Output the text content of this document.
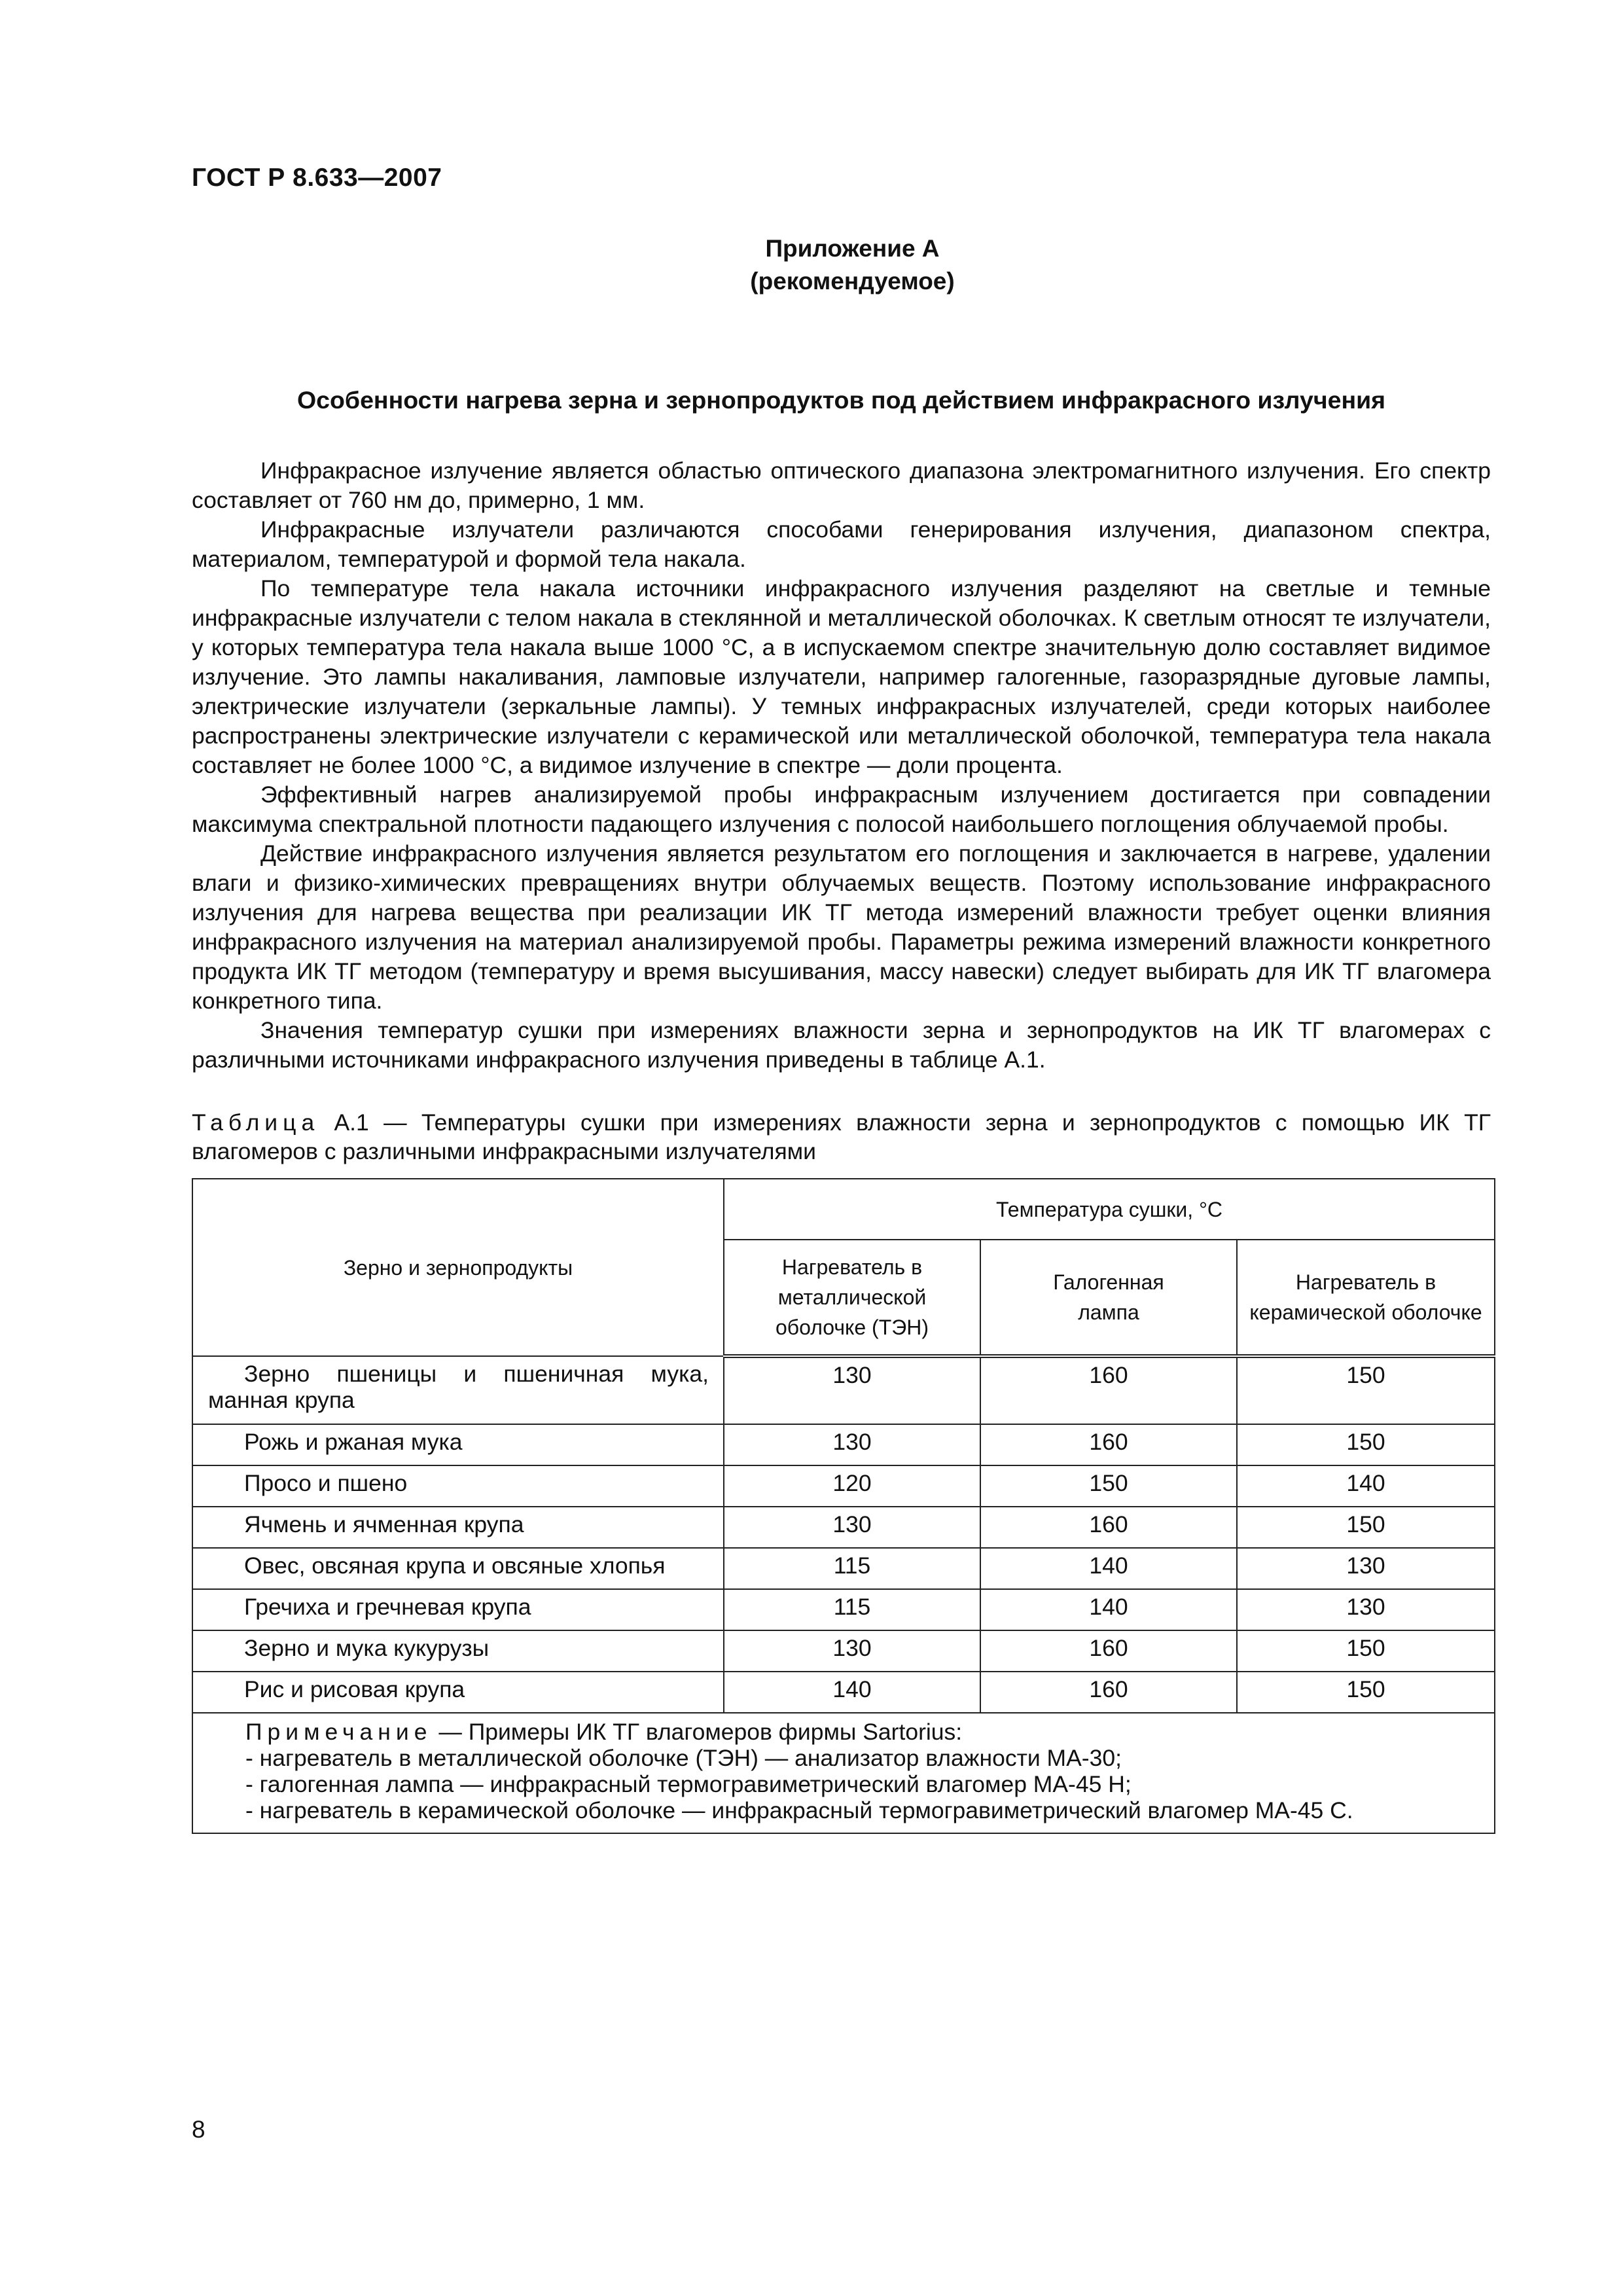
ГОСТ Р 8.633—2007
Приложение А
(рекомендуемое)
Особенности нагрева зерна и зернопродуктов под действием инфракрасного излучения

Инфракрасное излучение является областью оптического диапазона электромагнитного излучения. Его спектр составляет от 760 нм до, примерно, 1 мм.

Инфракрасные излучатели различаются способами генерирования излучения, диапазоном спектра, материалом, температурой и формой тела накала.

По температуре тела накала источники инфракрасного излучения разделяют на светлые и темные инфракрасные излучатели с телом накала в стеклянной и металлической оболочках. К светлым относят те излучатели, у которых температура тела накала выше 1000 °С, а в испускаемом спектре значительную долю составляет видимое излучение. Это лампы накаливания, ламповые излучатели, например галогенные, газоразрядные дуговые лампы, электрические излучатели (зеркальные лампы). У темных инфракрасных излучателей, среди которых наиболее распространены электрические излучатели с керамической или металлической оболочкой, температура тела накала составляет не более 1000 °С, а видимое излучение в спектре — доли процента.

Эффективный нагрев анализируемой пробы инфракрасным излучением достигается при совпадении максимума спектральной плотности падающего излучения с полосой наибольшего поглощения облучаемой пробы.

Действие инфракрасного излучения является результатом его поглощения и заключается в нагреве, удалении влаги и физико-химических превращениях внутри облучаемых веществ. Поэтому использование инфракрасного излучения для нагрева вещества при реализации ИК ТГ метода измерений влажности требует оценки влияния инфракрасного излучения на материал анализируемой пробы. Параметры режима измерений влажности конкретного продукта ИК ТГ методом (температуру и время высушивания, массу навески) следует выбирать для ИК ТГ влагомера конкретного типа.

Значения температур сушки при измерениях влажности зерна и зернопродуктов на ИК ТГ влагомерах с различными источниками инфракрасного излучения приведены в таблице А.1.

Таблица А.1 — Температуры сушки при измерениях влажности зерна и зернопродуктов с помощью ИК ТГ влагомеров с различными инфракрасными излучателями
Зерно и зернопродукты	Температура сушки, °С		
	Нагреватель в металлической оболочке (ТЭН)	Галогенная лампа	Нагреватель в керамической оболочке

Зерно пшеницы и пшеничная мука,
манная крупа	130	160	150

Рожь и ржаная мука	130	160	150

Просо и пшено	120	150	140

Ячмень и ячменная крупа	130	160	150

Овес, овсяная крупа и овсяные хлопья	115	140	130

Гречиха и гречневая крупа	115	140	130

Зерно и мука кукурузы	130	160	150

Рис и рисовая крупа	140	160	150

Примечание — Примеры ИК ТГ влагомеров фирмы Sartorius:
- нагреватель в металлической оболочке (ТЭН) — анализатор влажности МА-30;
- галогенная лампа — инфракрасный термогравиметрический влагомер МА-45 Н;
- нагреватель в керамической оболочке — инфракрасный термогравиметрический влагомер МА-45 С.			
8
